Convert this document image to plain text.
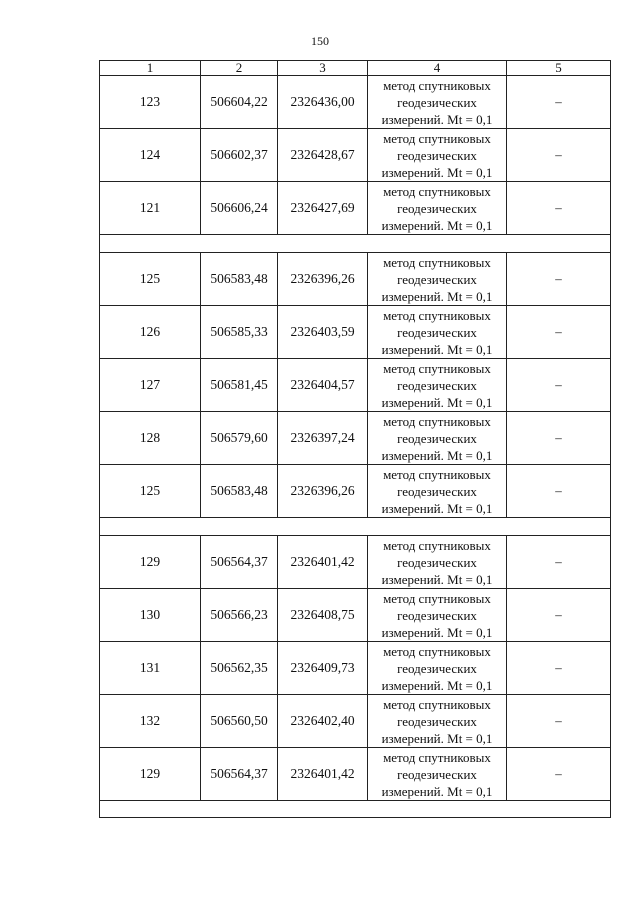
150
1	2	3	4	5
123	506604,22	2326436,00	метод спутниковых
геодезических
измерений. Mt = 0,1	–
124	506602,37	2326428,67	метод спутниковых
геодезических
измерений. Mt = 0,1	–
121	506606,24	2326427,69	метод спутниковых
геодезических
измерений. Mt = 0,1	–

125	506583,48	2326396,26	метод спутниковых
геодезических
измерений. Mt = 0,1	–
126	506585,33	2326403,59	метод спутниковых
геодезических
измерений. Mt = 0,1	–
127	506581,45	2326404,57	метод спутниковых
геодезических
измерений. Mt = 0,1	–
128	506579,60	2326397,24	метод спутниковых
геодезических
измерений. Mt = 0,1	–
125	506583,48	2326396,26	метод спутниковых
геодезических
измерений. Mt = 0,1	–

129	506564,37	2326401,42	метод спутниковых
геодезических
измерений. Mt = 0,1	–
130	506566,23	2326408,75	метод спутниковых
геодезических
измерений. Mt = 0,1	–
131	506562,35	2326409,73	метод спутниковых
геодезических
измерений. Mt = 0,1	–
132	506560,50	2326402,40	метод спутниковых
геодезических
измерений. Mt = 0,1	–
129	506564,37	2326401,42	метод спутниковых
геодезических
измерений. Mt = 0,1	–
